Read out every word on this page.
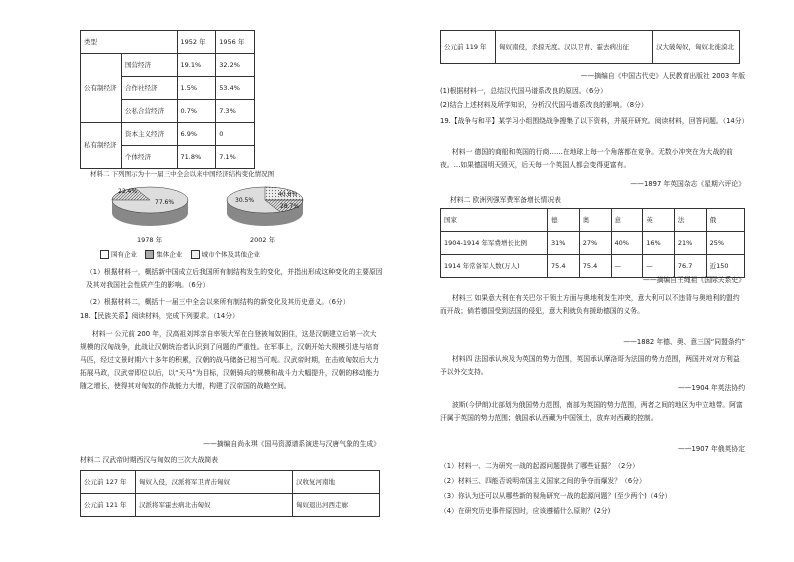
类型		1952 年	1956 年
公有制经济	国营经济	19.1%	32.2%
	合作社经济	1.5%	53.4%
	公私合营经济	0.7%	7.3%
私有制经济	资本主义经济	6.9%	0
	个体经济	71.8%	7.1%
材料二 下列图示为十一届三中全会以来中国经济结构变化情况图
22.4%
77.6%	30.5%
40.8%
28.7%
1978 年	2002 年
国有企业	集体企业	城市个体及其他企业
（1）根据材料一，概括新中国成立后我国所有制结构发生的变化，并指出形成这种变化的主要原因及其对我国社会性质产生的影响。（6分）
（2）根据材料二，概括十一届三中全会以来所有制结构的新变化及其历史意义。（6分）
18.【民族关系】阅读材料，完成下列要求。（14分）
材料一 公元前 200 年，汉高祖刘邦亲自率领大军在白登被匈奴困住，这是汉朝建立后第一次大规模的汉匈战争，此战让汉朝统治者认识到了问题的严重性。在军事上，汉朝开始大规模引进与培育马匹，经过文景时期六十多年的积累，汉朝的战马储备已相当可观。汉武帝时期，在击败匈奴后大力拓展马政，汉武帝即位以后，以“天马”为目标，汉朝骑兵的规模和战斗力大幅提升，汉朝的移动能力随之增长，使得其对匈奴的作战能力大增，构建了汉帝国的战略空间。
——摘编自尚永琪《国马资源谱系演进与汉唐气象的生成》
材料二 汉武帝时期西汉与匈奴的三次大战简表
公元前 127 年	匈奴入侵，汉派将军卫青击匈奴	汉收复河南地
公元前 121 年	汉派将军霍去病北击匈奴	匈奴退出河西走廊
公元前 119 年	匈奴南侵，杀掠无度。汉以卫青、霍去病出征	汉大破匈奴，匈奴北徙漠北
——摘编自《中国古代史》人民教育出版社 2003 年版
(1)根据材料一，总结汉代国马谱系改良的原因。（6分）
(2)结合上述材料及所学知识，分析汉代国马谱系改良的影响。（8分）
19.【战争与和平】某学习小组围绕战争搜集了以下资料，并展开研究。阅读材料，回答问题。（14分）
材料一 德国的商船和英国的行商……在地球上每一个角落都在竞争。无数小冲突在为大战的前夜。…如果德国明天毁灭，后天每一个英国人都会变得更富有。
——1897 年英国杂志《星期六评论》
材料二 欧洲列强军费军备增长情况表
国家	德	奥	意	英	法	俄
1904-1914 年军费增长比例	31%	27%	40%	16%	21%	25%
1914 年常备军人数(万人)	75.4	75.4	—	—	76.7	近150
——摘编自王绳祖《国际关系史》
材料三 如果意大利在有关巴尔干领土方面与奥地利发生冲突，意大利可以不违背与奥地利的盟约而开战；倘若德国受到法国的侵犯，意大利就负有援助德国的义务。
——1882 年德、奥、意三国“同盟条约”
材料四 法国承认埃及为英国的势力范围，英国承认摩洛哥为法国的势力范围，两国并对对方利益予以外交支持。
——1904 年英法协约
波斯(今伊朗)北部划为俄国势力范围，南部为英国的势力范围，两者之间的地区为中立地带。阿富汗属于英国的势力范围；俄国承认西藏为中国领土，放弃对西藏的控制。
——1907 年俄英协定
（1）材料一、二为研究一战的起源问题提供了哪些证据？（2分）
（2）材料三、四能否说明帝国主义国家之间的争夺而爆发？（6分）
（3）你认为还可以从哪些新的视角研究一战的起源问题？(至少两个)（4分）
（4）在研究历史事件原因时，应该遵循什么原则？(2分)
